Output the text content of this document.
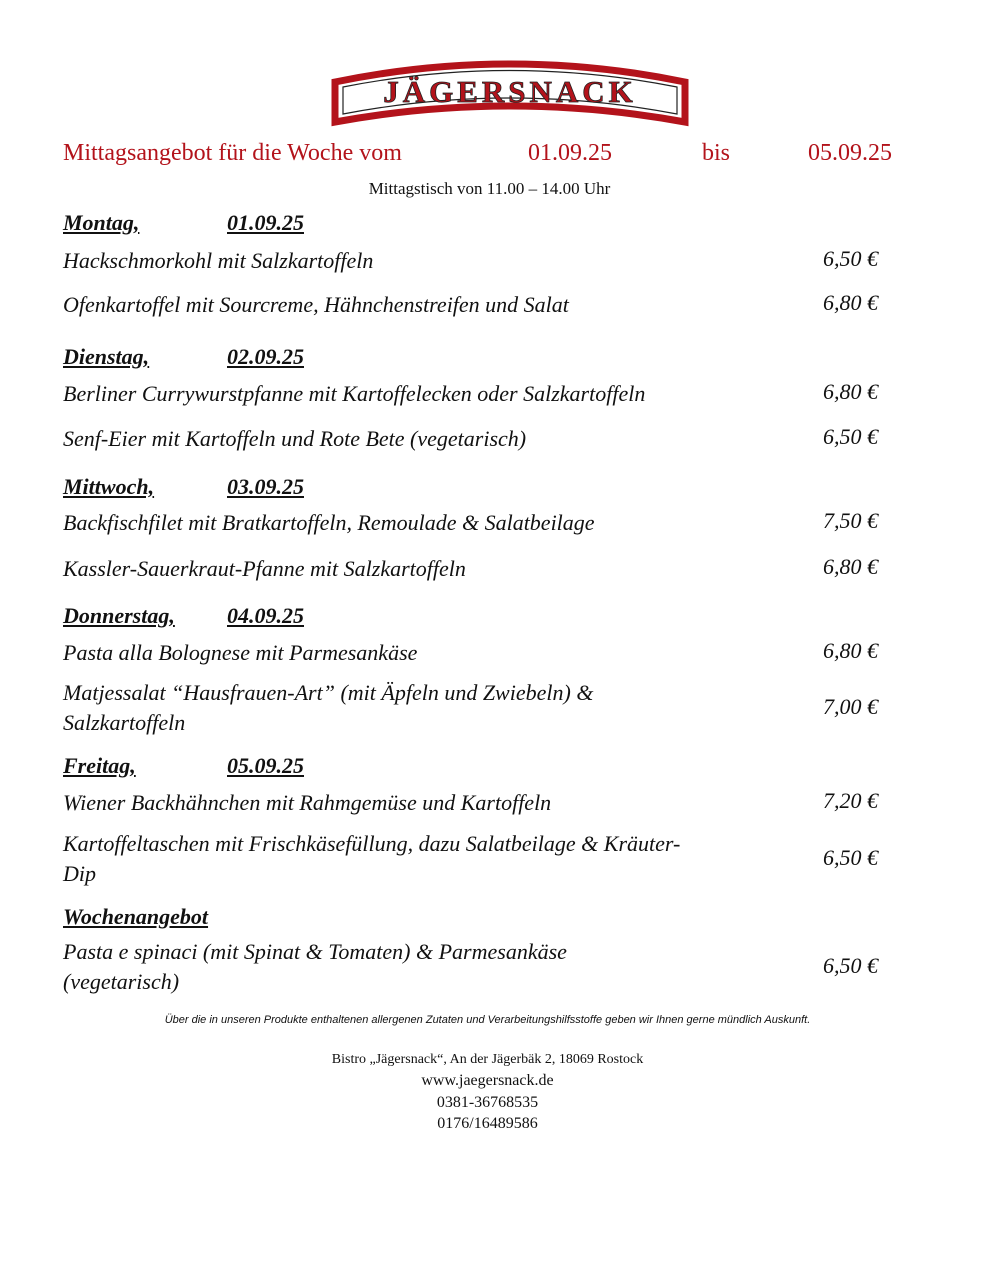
JÄGERSNACK
Mittagsangebot für die Woche vom	01.09.25	bis	05.09.25
Mittagstisch von 11.00 – 14.00 Uhr
Montag,	01.09.25
Hackschmorkohl mit Salzkartoffeln	6,50 €
Ofenkartoffel mit Sourcreme, Hähnchenstreifen und Salat	6,80 €
Dienstag,	02.09.25
Berliner Currywurstpfanne mit Kartoffelecken oder Salzkartoffeln	6,80 €
Senf-Eier mit Kartoffeln und Rote Bete (vegetarisch)	6,50 €
Mittwoch,	03.09.25
Backfischfilet mit Bratkartoffeln, Remoulade & Salatbeilage	7,50 €
Kassler-Sauerkraut-Pfanne mit Salzkartoffeln	6,80 €
Donnerstag, 04.09.25
Pasta alla Bolognese mit Parmesankäse	6,80 €
Matjessalat “Hausfrauen-Art” (mit Äpfeln und Zwiebeln) &
Salzkartoffeln
7,00 €
Freitag,	05.09.25
Wiener Backhähnchen mit Rahmgemüse und Kartoffeln	7,20 €
Kartoffeltaschen mit Frischkäsefüllung, dazu Salatbeilage & Kräuter-
Dip
6,50 €
Wochenangebot
Pasta e spinaci (mit Spinat & Tomaten) & Parmesankäse
(vegetarisch)
6,50 €
Über die in unseren Produkte enthaltenen allergenen Zutaten und Verarbeitungshilfsstoffe geben wir Ihnen gerne mündlich Auskunft.
Bistro „Jägersnack“, An der Jägerbäk 2, 18069 Rostock
www.jaegersnack.de
0381-36768535
0176/16489586
